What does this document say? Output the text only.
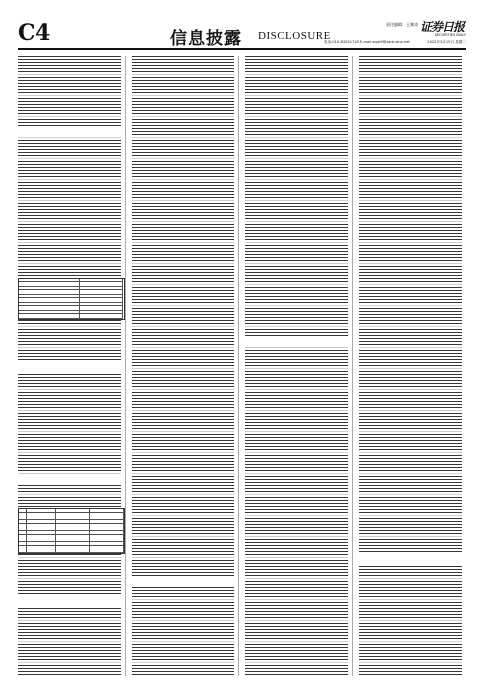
C4	信息披露 DISCLOSURE
责任编辑：王黎涛
电话:010-83251716 E-mail:zqrb9@zqrb.sina.net	2022年3月15日 星期二
证券日报
SECURITIES DAILY
